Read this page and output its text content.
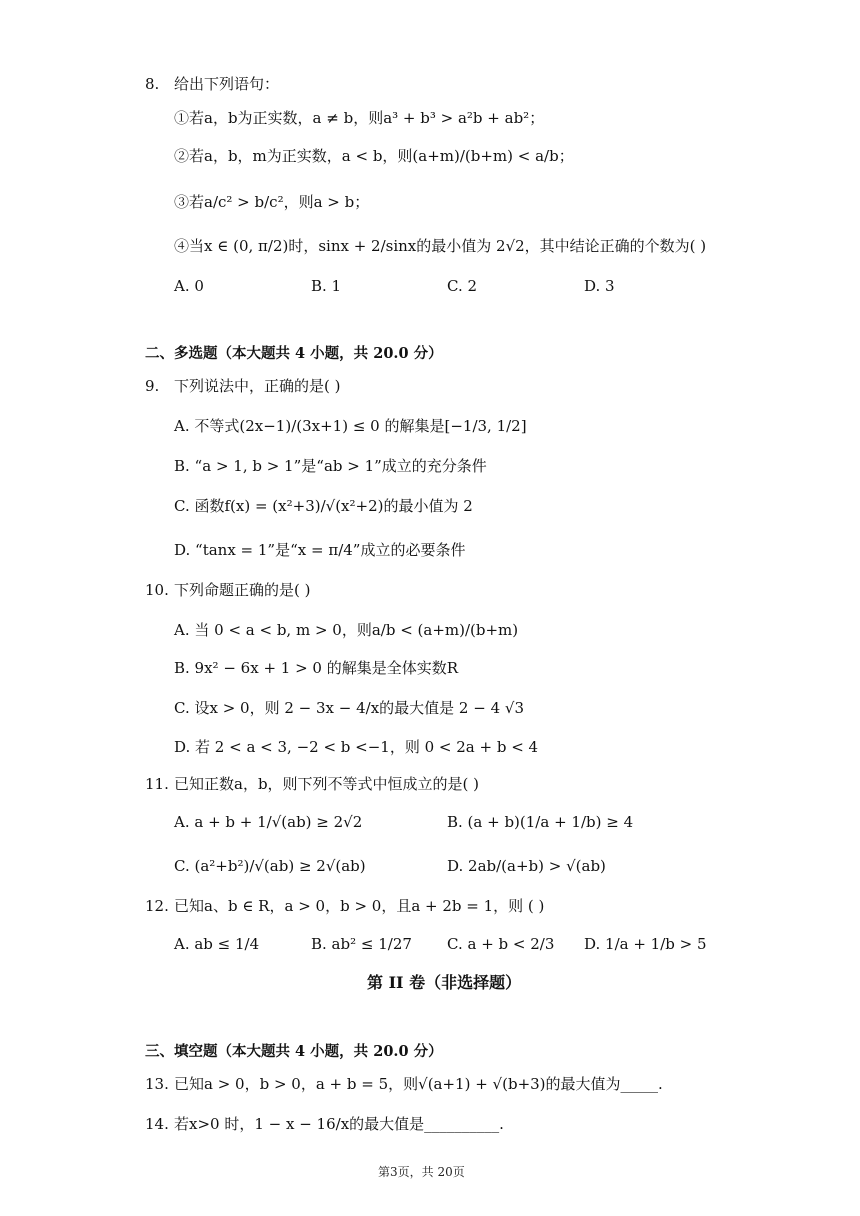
8. 给出下列语句：
①若a，b为正实数，a ≠ b，则a³ + b³ > a²b + ab²；
②若a，b，m为正实数，a < b，则(a+m)/(b+m) < a/b；
③若a/c² > b/c²，则a > b；
④当x ∈ (0, π/2)时，sinx + 2/sinx的最小值为 2√2，其中结论正确的个数为( )
A. 0	B. 1	C. 2	D. 3
二、多选题（本大题共 4 小题，共 20.0 分）
9. 下列说法中，正确的是( )
A. 不等式(2x−1)/(3x+1) ≤ 0 的解集是[−1/3, 1/2]
B. “a > 1, b > 1”是“ab > 1”成立的充分条件
C. 函数f(x) = (x²+3)/√(x²+2)的最小值为 2
D. “tanx = 1”是“x = π/4”成立的必要条件
10. 下列命题正确的是( )
A. 当 0 < a < b, m > 0，则a/b < (a+m)/(b+m)
B. 9x² − 6x + 1 > 0 的解集是全体实数R
C. 设x > 0，则 2 − 3x − 4/x的最大值是 2 − 4 √3
D. 若 2 < a < 3, −2 < b <−1，则 0 < 2a + b < 4
11. 已知正数a，b，则下列不等式中恒成立的是( )
A. a + b + 1/√(ab) ≥ 2√2	B. (a + b)(1/a + 1/b) ≥ 4
C. (a²+b²)/√(ab) ≥ 2√(ab)	D. 2ab/(a+b) > √(ab)
12. 已知a、b ∈ R，a > 0，b > 0，且a + 2b = 1，则 ( )
A. ab ≤ 1/4	B. ab² ≤ 1/27 C. a + b < 2/3 D. 1/a + 1/b > 5
第 II 卷（非选择题）
三、填空题（本大题共 4 小题，共 20.0 分）
13. 已知a > 0，b > 0，a + b = 5，则√(a+1) + √(b+3)的最大值为_____.
14. 若x>0 时，1 − x − 16/x的最大值是__________.
第3页，共 20页
